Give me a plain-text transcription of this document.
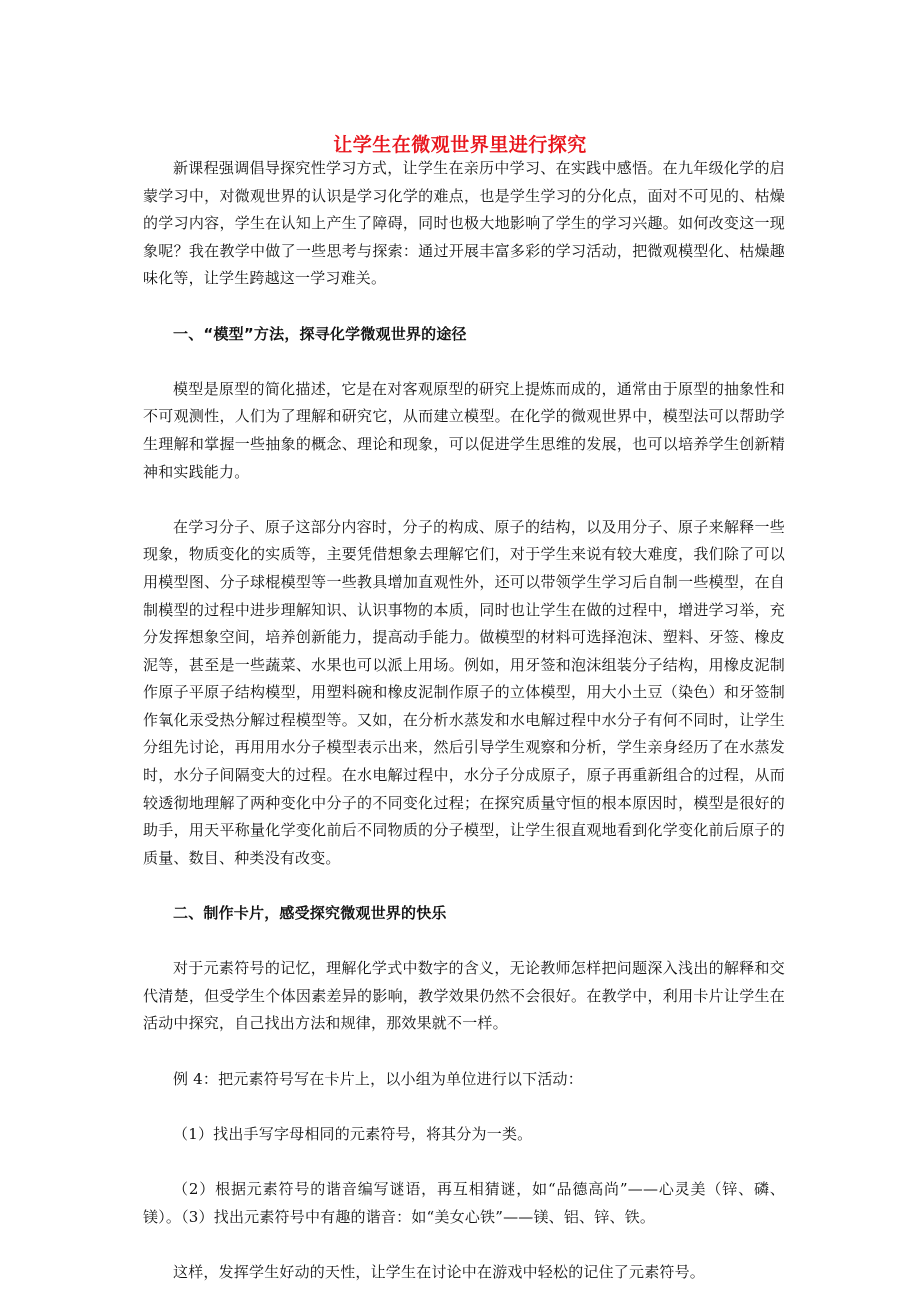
让学生在微观世界里进行探究

新课程强调倡导探究性学习方式，让学生在亲历中学习、在实践中感悟。在九年级化学的启蒙学习中，对微观世界的认识是学习化学的难点，也是学生学习的分化点，面对不可见的、枯燥的学习内容，学生在认知上产生了障碍，同时也极大地影响了学生的学习兴趣。如何改变这一现象呢？我在教学中做了一些思考与探索：通过开展丰富多彩的学习活动，把微观模型化、枯燥趣味化等，让学生跨越这一学习难关。

一、“模型”方法，探寻化学微观世界的途径

模型是原型的简化描述，它是在对客观原型的研究上提炼而成的，通常由于原型的抽象性和不可观测性，人们为了理解和研究它，从而建立模型。在化学的微观世界中，模型法可以帮助学生理解和掌握一些抽象的概念、理论和现象，可以促进学生思维的发展，也可以培养学生创新精神和实践能力。

在学习分子、原子这部分内容时，分子的构成、原子的结构，以及用分子、原子来解释一些现象，物质变化的实质等，主要凭借想象去理解它们，对于学生来说有较大难度，我们除了可以用模型图、分子球棍模型等一些教具增加直观性外，还可以带领学生学习后自制一些模型，在自制模型的过程中进步理解知识、认识事物的本质，同时也让学生在做的过程中，增进学习举，充分发挥想象空间，培养创新能力，提高动手能力。做模型的材料可选择泡沫、塑料、牙签、橡皮泥等，甚至是一些蔬菜、水果也可以派上用场。例如，用牙签和泡沫组装分子结构，用橡皮泥制作原子平原子结构模型，用塑料碗和橡皮泥制作原子的立体模型，用大小土豆（染色）和牙签制作氧化汞受热分解过程模型等。又如，在分析水蒸发和水电解过程中水分子有何不同时，让学生分组先讨论，再用用水分子模型表示出来，然后引导学生观察和分析，学生亲身经历了在水蒸发时，水分子间隔变大的过程。在水电解过程中，水分子分成原子，原子再重新组合的过程，从而较透彻地理解了两种变化中分子的不同变化过程；在探究质量守恒的根本原因时，模型是很好的助手，用天平称量化学变化前后不同物质的分子模型，让学生很直观地看到化学变化前后原子的质量、数目、种类没有改变。

二、制作卡片，感受探究微观世界的快乐

对于元素符号的记忆，理解化学式中数字的含义，无论教师怎样把问题深入浅出的解释和交代清楚，但受学生个体因素差异的影响，教学效果仍然不会很好。在教学中，利用卡片让学生在活动中探究，自己找出方法和规律，那效果就不一样。

例 4：把元素符号写在卡片上，以小组为单位进行以下活动：

（1）找出手写字母相同的元素符号，将其分为一类。

（2）根据元素符号的谐音编写谜语，再互相猜谜，如“品德高尚”——心灵美（锌、磷、镁）。（3）找出元素符号中有趣的谐音：如“美女心铁”——镁、铝、锌、铁。

这样，发挥学生好动的天性，让学生在讨论中在游戏中轻松的记住了元素符号。
